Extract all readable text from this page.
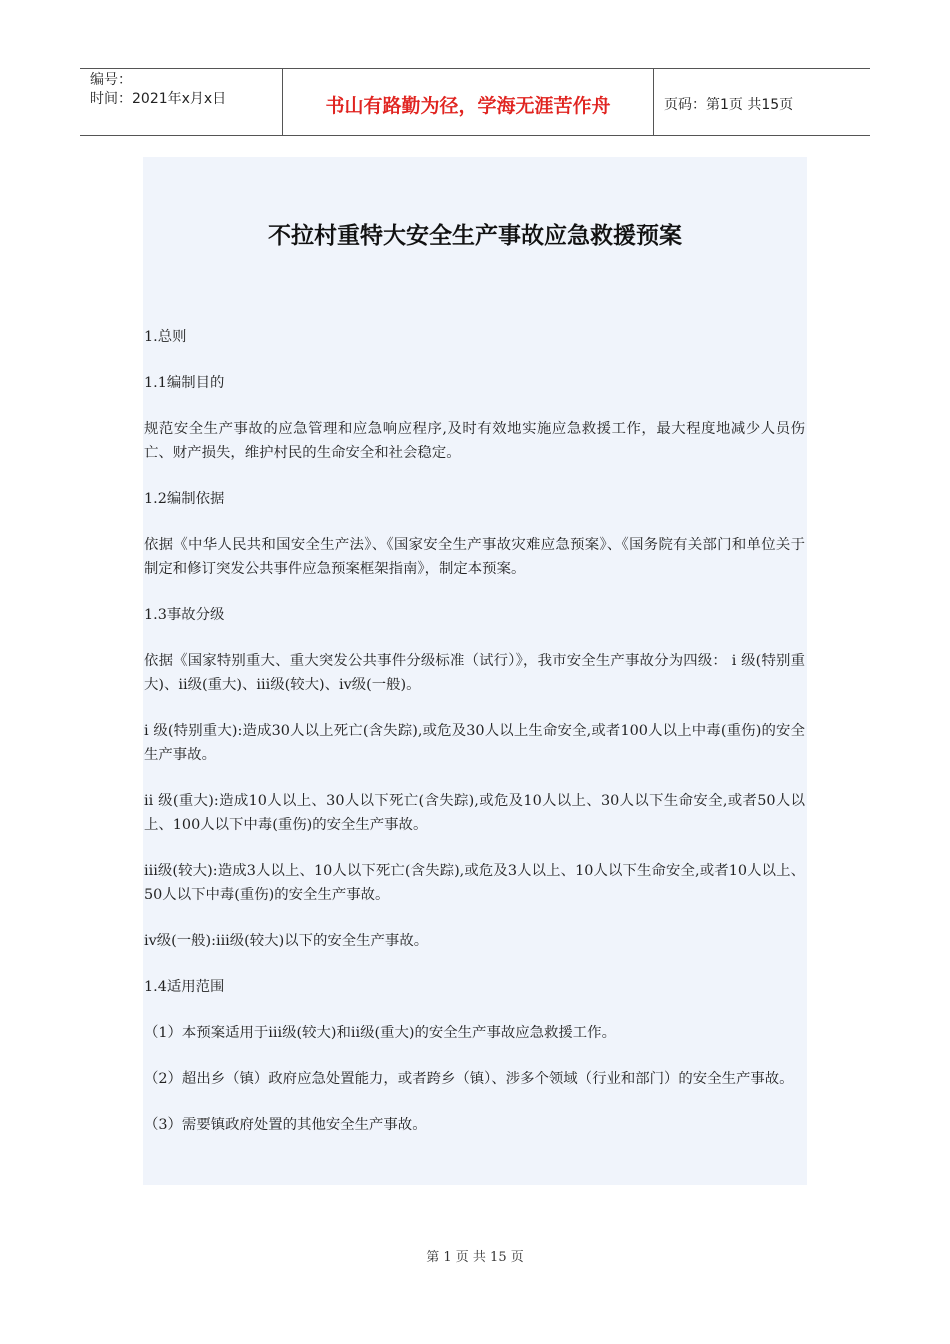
编号：
时间：2021年x月x日	书山有路勤为径，学海无涯苦作舟	页码：第1页 共15页
不拉村重特大安全生产事故应急救援预案

1.总则

1.1编制目的

规范安全生产事故的应急管理和应急响应程序,及时有效地实施应急救援工作，最大程度地减少人员伤亡、财产损失，维护村民的生命安全和社会稳定。

1.2编制依据

依据《中华人民共和国安全生产法》、《国家安全生产事故灾难应急预案》、《国务院有关部门和单位关于制定和修订突发公共事件应急预案框架指南》，制定本预案。

1.3事故分级

依据《国家特别重大、重大突发公共事件分级标准（试行）》，我市安全生产事故分为四级： i 级(特别重大)、ii级(重大)、iii级(较大)、iv级(一般)。

i 级(特别重大):造成30人以上死亡(含失踪),或危及30人以上生命安全,或者100人以上中毒(重伤)的安全生产事故。

ii 级(重大):造成10人以上、30人以下死亡(含失踪),或危及10人以上、30人以下生命安全,或者50人以上、100人以下中毒(重伤)的安全生产事故。

iii级(较大):造成3人以上、10人以下死亡(含失踪),或危及3人以上、10人以下生命安全,或者10人以上、50人以下中毒(重伤)的安全生产事故。

iv级(一般):iii级(较大)以下的安全生产事故。

1.4适用范围

（1）本预案适用于iii级(较大)和ii级(重大)的安全生产事故应急救援工作。

（2）超出乡（镇）政府应急处置能力，或者跨乡（镇）、涉多个领域（行业和部门）的安全生产事故。

（3）需要镇政府处置的其他安全生产事故。

第 1 页 共 15 页
